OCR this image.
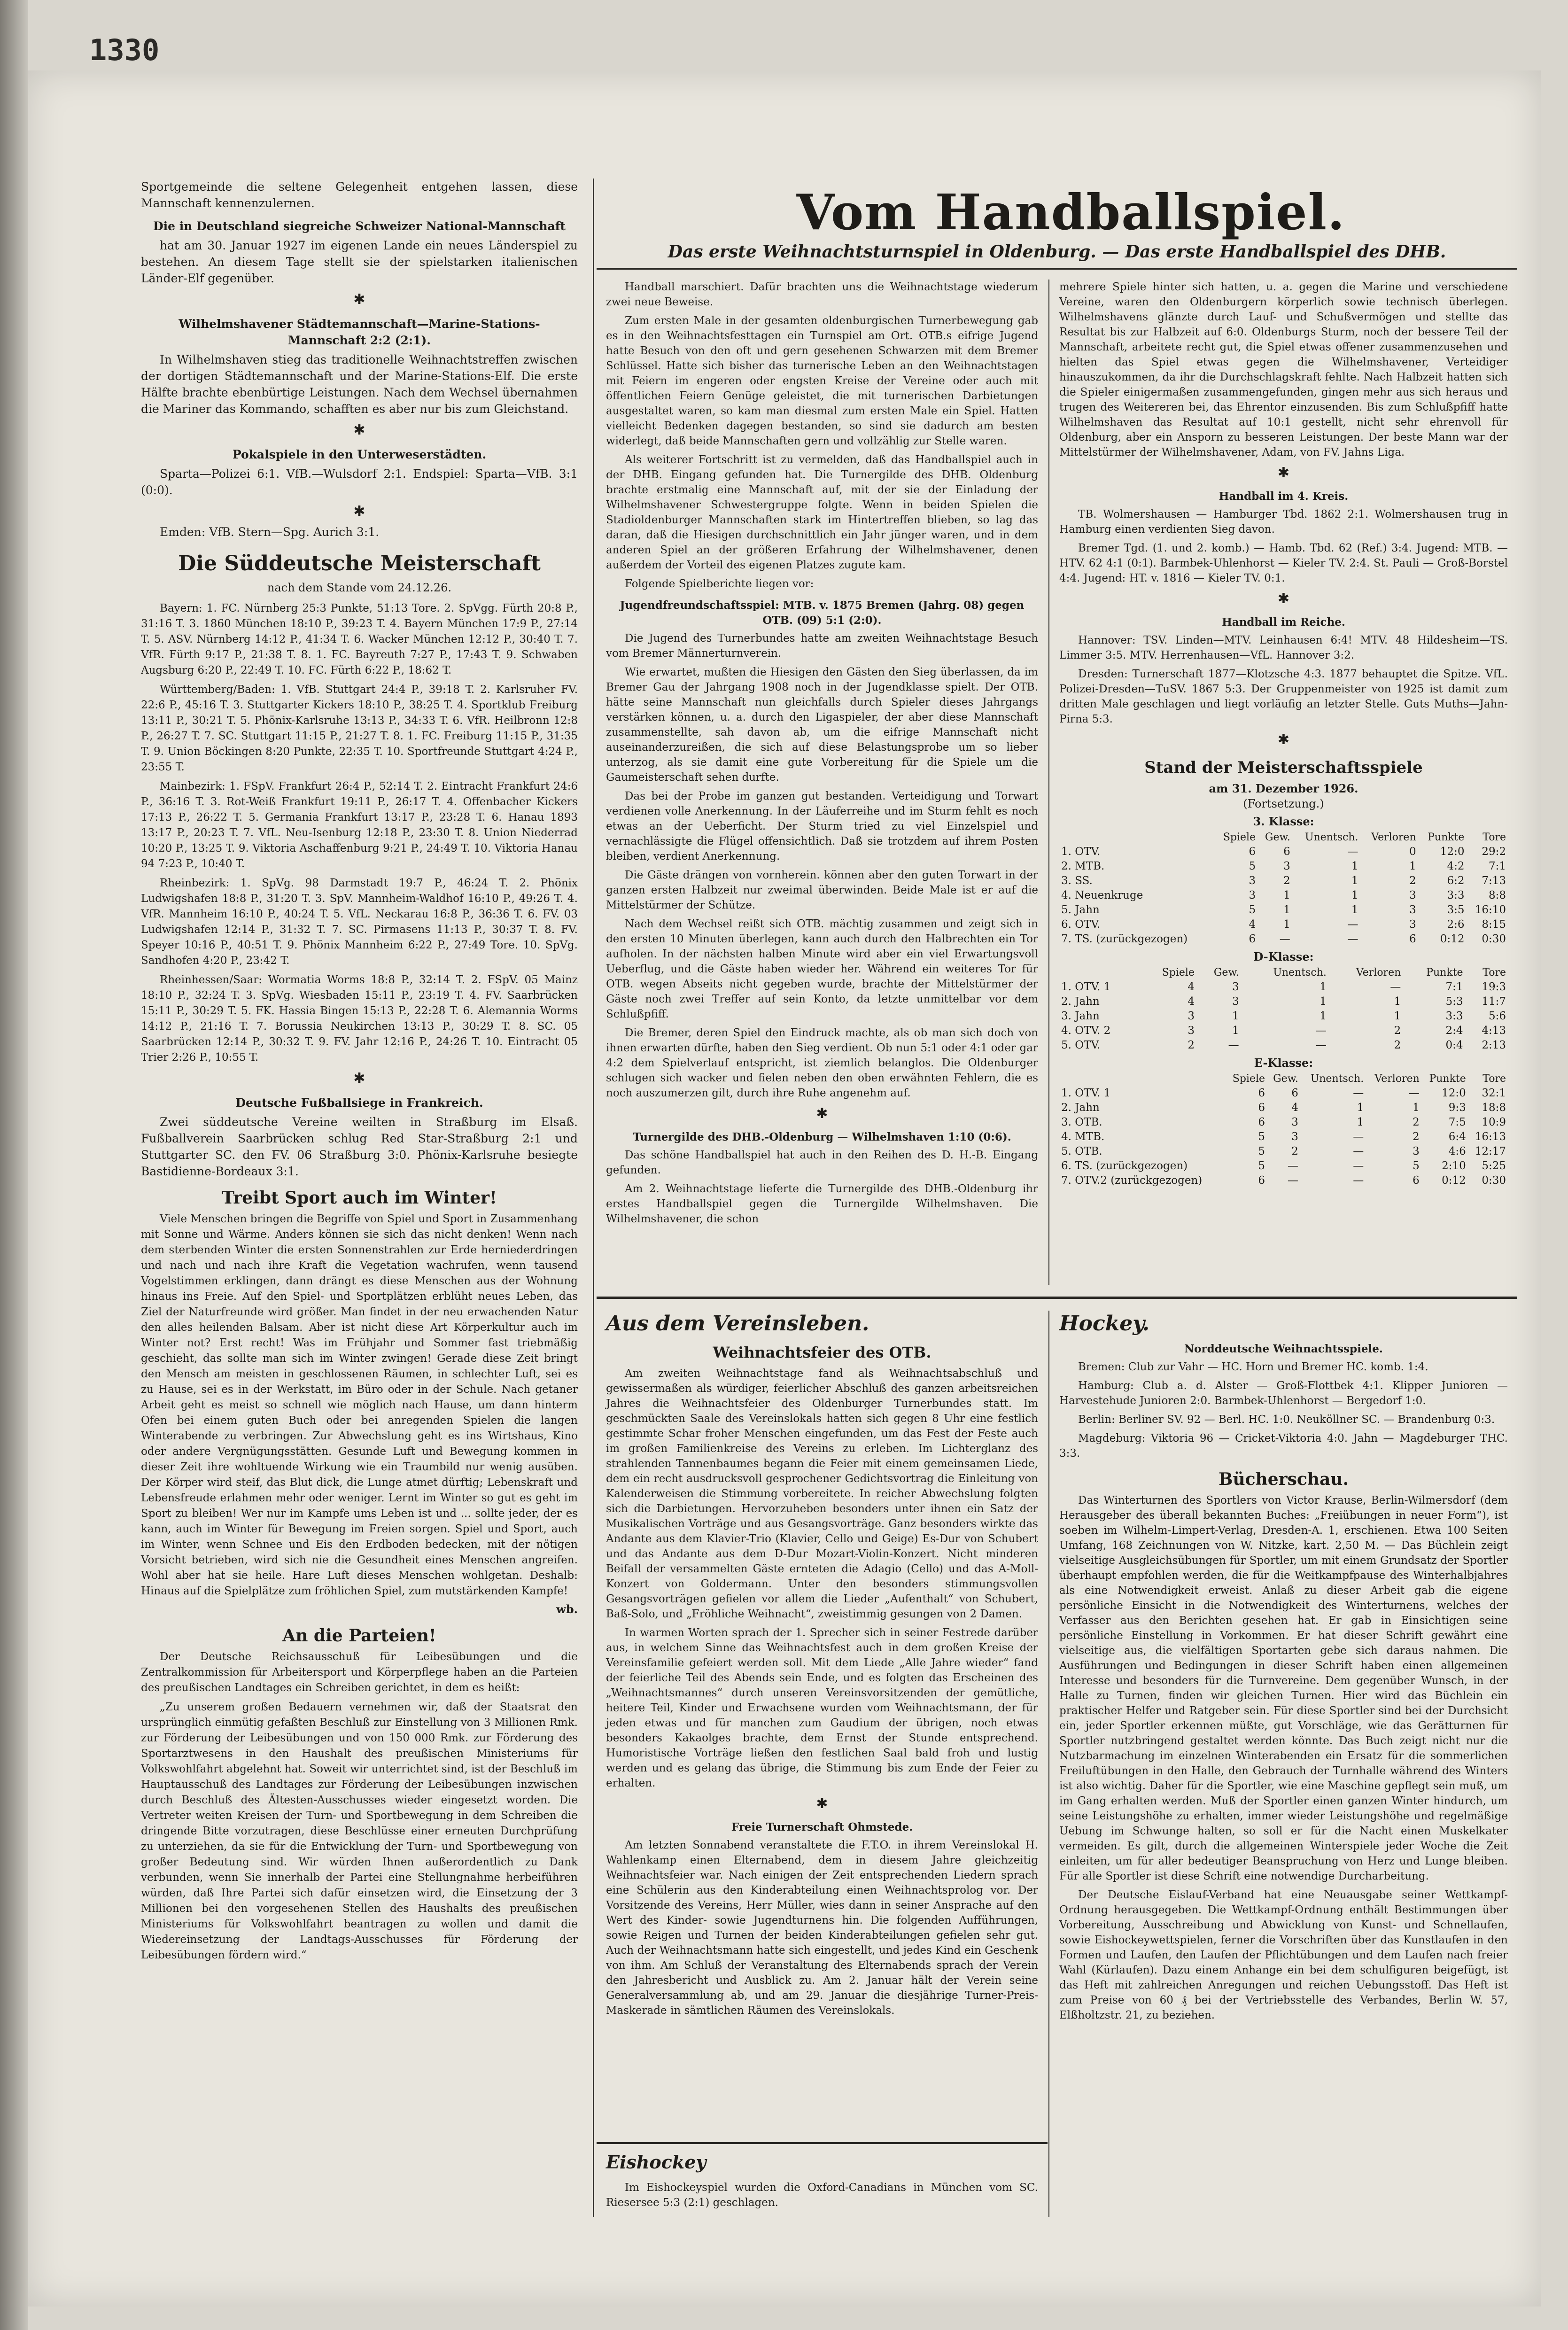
1330

Sportgemeinde die seltene Gelegenheit entgehen lassen, diese Mannschaft kennenzulernen.

Die in Deutschland siegreiche Schweizer National-Mannschaft

hat am 30. Januar 1927 im eigenen Lande ein neues Länderspiel zu bestehen. An diesem Tage stellt sie der spielstarken italienischen Länder-Elf gegenüber.

✱
Wilhelmshavener Städtemannschaft—Marine-Stations-Mannschaft 2:2 (2:1).

In Wilhelmshaven stieg das traditionelle Weihnachtstreffen zwischen der dortigen Städtemannschaft und der Marine-Stations-Elf. Die erste Hälfte brachte ebenbürtige Leistungen. Nach dem Wechsel übernahmen die Mariner das Kommando, schafften es aber nur bis zum Gleichstand.

✱
Pokalspiele in den Unterweserstädten.

Sparta—Polizei 6:1. VfB.—Wulsdorf 2:1. Endspiel: Sparta—VfB. 3:1 (0:0).

✱

Emden: VfB. Stern—Spg. Aurich 3:1.

Die Süddeutsche Meisterschaft
nach dem Stande vom 24.12.26.

Bayern: 1. FC. Nürnberg 25:3 Punkte, 51:13 Tore. 2. SpVgg. Fürth 20:8 P., 31:16 T. 3. 1860 München 18:10 P., 39:23 T. 4. Bayern München 17:9 P., 27:14 T. 5. ASV. Nürnberg 14:12 P., 41:34 T. 6. Wacker München 12:12 P., 30:40 T. 7. VfR. Fürth 9:17 P., 21:38 T. 8. 1. FC. Bayreuth 7:27 P., 17:43 T. 9. Schwaben Augsburg 6:20 P., 22:49 T. 10. FC. Fürth 6:22 P., 18:62 T.

Württemberg/Baden: 1. VfB. Stuttgart 24:4 P., 39:18 T. 2. Karlsruher FV. 22:6 P., 45:16 T. 3. Stuttgarter Kickers 18:10 P., 38:25 T. 4. Sportklub Freiburg 13:11 P., 30:21 T. 5. Phönix-Karlsruhe 13:13 P., 34:33 T. 6. VfR. Heilbronn 12:8 P., 26:27 T. 7. SC. Stuttgart 11:15 P., 21:27 T. 8. 1. FC. Freiburg 11:15 P., 31:35 T. 9. Union Böckingen 8:20 Punkte, 22:35 T. 10. Sportfreunde Stuttgart 4:24 P., 23:55 T.

Mainbezirk: 1. FSpV. Frankfurt 26:4 P., 52:14 T. 2. Eintracht Frankfurt 24:6 P., 36:16 T. 3. Rot-Weiß Frankfurt 19:11 P., 26:17 T. 4. Offenbacher Kickers 17:13 P., 26:22 T. 5. Germania Frankfurt 13:17 P., 23:28 T. 6. Hanau 1893 13:17 P., 20:23 T. 7. VfL. Neu-Isenburg 12:18 P., 23:30 T. 8. Union Niederrad 10:20 P., 13:25 T. 9. Viktoria Aschaffenburg 9:21 P., 24:49 T. 10. Viktoria Hanau 94 7:23 P., 10:40 T.

Rheinbezirk: 1. SpVg. 98 Darmstadt 19:7 P., 46:24 T. 2. Phönix Ludwigshafen 18:8 P., 31:20 T. 3. SpV. Mannheim-Waldhof 16:10 P., 49:26 T. 4. VfR. Mannheim 16:10 P., 40:24 T. 5. VfL. Neckarau 16:8 P., 36:36 T. 6. FV. 03 Ludwigshafen 12:14 P., 31:32 T. 7. SC. Pirmasens 11:13 P., 30:37 T. 8. FV. Speyer 10:16 P., 40:51 T. 9. Phönix Mannheim 6:22 P., 27:49 Tore. 10. SpVg. Sandhofen 4:20 P., 23:42 T.

Rheinhessen/Saar: Wormatia Worms 18:8 P., 32:14 T. 2. FSpV. 05 Mainz 18:10 P., 32:24 T. 3. SpVg. Wiesbaden 15:11 P., 23:19 T. 4. FV. Saarbrücken 15:11 P., 30:29 T. 5. FK. Hassia Bingen 15:13 P., 22:28 T. 6. Alemannia Worms 14:12 P., 21:16 T. 7. Borussia Neukirchen 13:13 P., 30:29 T. 8. SC. 05 Saarbrücken 12:14 P., 30:32 T. 9. FV. Jahr 12:16 P., 24:26 T. 10. Eintracht 05 Trier 2:26 P., 10:55 T.

✱
Deutsche Fußballsiege in Frankreich.

Zwei süddeutsche Vereine weilten in Straßburg im Elsaß. Fußballverein Saarbrücken schlug Red Star-Straßburg 2:1 und Stuttgarter SC. den FV. 06 Straßburg 3:0. Phönix-Karlsruhe besiegte Bastidienne-Bordeaux 3:1.

Treibt Sport auch im Winter!

Viele Menschen bringen die Begriffe von Spiel und Sport in Zusammenhang mit Sonne und Wärme. Anders können sie sich das nicht denken! Wenn nach dem sterbenden Winter die ersten Sonnenstrahlen zur Erde herniederdringen und nach und nach ihre Kraft die Vegetation wachrufen, wenn tausend Vogelstimmen erklingen, dann drängt es diese Menschen aus der Wohnung hinaus ins Freie. Auf den Spiel- und Sportplätzen erblüht neues Leben, das Ziel der Naturfreunde wird größer. Man findet in der neu erwachenden Natur den alles heilenden Balsam. Aber ist nicht diese Art Körperkultur auch im Winter not? Erst recht! Was im Frühjahr und Sommer fast triebmäßig geschieht, das sollte man sich im Winter zwingen! Gerade diese Zeit bringt den Mensch am meisten in geschlossenen Räumen, in schlechter Luft, sei es zu Hause, sei es in der Werkstatt, im Büro oder in der Schule. Nach getaner Arbeit geht es meist so schnell wie möglich nach Hause, um dann hinterm Ofen bei einem guten Buch oder bei anregenden Spielen die langen Winterabende zu verbringen. Zur Abwechslung geht es ins Wirtshaus, Kino oder andere Vergnügungsstätten. Gesunde Luft und Bewegung kommen in dieser Zeit ihre wohltuende Wirkung wie ein Traumbild nur wenig ausüben. Der Körper wird steif, das Blut dick, die Lunge atmet dürftig; Lebenskraft und Lebensfreude erlahmen mehr oder weniger. Lernt im Winter so gut es geht im Sport zu bleiben! Wer nur im Kampfe ums Leben ist und ... sollte jeder, der es kann, auch im Winter für Bewegung im Freien sorgen. Spiel und Sport, auch im Winter, wenn Schnee und Eis den Erdboden bedecken, mit der nötigen Vorsicht betrieben, wird sich nie die Gesundheit eines Menschen angreifen. Wohl aber hat sie heile. Hare Luft dieses Menschen wohlgetan. Deshalb: Hinaus auf die Spielplätze zum fröhlichen Spiel, zum mutstärkenden Kampfe!

wb.
An die Parteien!

Der Deutsche Reichsausschuß für Leibesübungen und die Zentralkommission für Arbeitersport und Körperpflege haben an die Parteien des preußischen Landtages ein Schreiben gerichtet, in dem es heißt:

„Zu unserem großen Bedauern vernehmen wir, daß der Staatsrat den ursprünglich einmütig gefaßten Beschluß zur Einstellung von 3 Millionen Rmk. zur Förderung der Leibesübungen und von 150 000 Rmk. zur Förderung des Sportarztwesens in den Haushalt des preußischen Ministeriums für Volkswohlfahrt abgelehnt hat. Soweit wir unterrichtet sind, ist der Beschluß im Hauptausschuß des Landtages zur Förderung der Leibesübungen inzwischen durch Beschluß des Ältesten-Ausschusses wieder eingesetzt worden. Die Vertreter weiten Kreisen der Turn- und Sportbewegung in dem Schreiben die dringende Bitte vorzutragen, diese Beschlüsse einer erneuten Durchprüfung zu unterziehen, da sie für die Entwicklung der Turn- und Sportbewegung von großer Bedeutung sind. Wir würden Ihnen außerordentlich zu Dank verbunden, wenn Sie innerhalb der Partei eine Stellungnahme herbeiführen würden, daß Ihre Partei sich dafür einsetzen wird, die Einsetzung der 3 Millionen bei den vorgesehenen Stellen des Haushalts des preußischen Ministeriums für Volkswohlfahrt beantragen zu wollen und damit die Wiedereinsetzung der Landtags-Ausschusses für Förderung der Leibesübungen fördern wird.“

Vom Handballspiel.
Das erste Weihnachtsturnspiel in Oldenburg. — Das erste Handballspiel des DHB.

Handball marschiert. Dafür brachten uns die Weihnachtstage wiederum zwei neue Beweise.

Zum ersten Male in der gesamten oldenburgischen Turnerbewegung gab es in den Weihnachtsfesttagen ein Turnspiel am Ort. OTB.s eifrige Jugend hatte Besuch von den oft und gern gesehenen Schwarzen mit dem Bremer Schlüssel. Hatte sich bisher das turnerische Leben an den Weihnachtstagen mit Feiern im engeren oder engsten Kreise der Vereine oder auch mit öffentlichen Feiern Genüge geleistet, die mit turnerischen Darbietungen ausgestaltet waren, so kam man diesmal zum ersten Male ein Spiel. Hatten vielleicht Bedenken dagegen bestanden, so sind sie dadurch am besten widerlegt, daß beide Mannschaften gern und vollzählig zur Stelle waren.

Als weiterer Fortschritt ist zu vermelden, daß das Handballspiel auch in der DHB. Eingang gefunden hat. Die Turnergilde des DHB. Oldenburg brachte erstmalig eine Mannschaft auf, mit der sie der Einladung der Wilhelmshavener Schwestergruppe folgte. Wenn in beiden Spielen die Stadioldenburger Mannschaften stark im Hintertreffen blieben, so lag das daran, daß die Hiesigen durchschnittlich ein Jahr jünger waren, und in dem anderen Spiel an der größeren Erfahrung der Wilhelmshavener, denen außerdem der Vorteil des eigenen Platzes zugute kam.

Folgende Spielberichte liegen vor:

Jugendfreundschaftsspiel: MTB. v. 1875 Bremen (Jahrg. 08) gegen OTB. (09) 5:1 (2:0).

Die Jugend des Turnerbundes hatte am zweiten Weihnachtstage Besuch vom Bremer Männerturnverein.

Wie erwartet, mußten die Hiesigen den Gästen den Sieg überlassen, da im Bremer Gau der Jahrgang 1908 noch in der Jugendklasse spielt. Der OTB. hätte seine Mannschaft nun gleichfalls durch Spieler dieses Jahrgangs verstärken können, u. a. durch den Ligaspieler, der aber diese Mannschaft zusammenstellte, sah davon ab, um die eifrige Mannschaft nicht auseinanderzureißen, die sich auf diese Belastungsprobe um so lieber unterzog, als sie damit eine gute Vorbereitung für die Spiele um die Gaumeisterschaft sehen durfte.

Das bei der Probe im ganzen gut bestanden. Verteidigung und Torwart verdienen volle Anerkennung. In der Läuferreihe und im Sturm fehlt es noch etwas an der Ueberficht. Der Sturm tried zu viel Einzelspiel und vernachlässigte die Flügel offensichtlich. Daß sie trotzdem auf ihrem Posten bleiben, verdient Anerkennung.

Die Gäste drängen von vornherein. können aber den guten Torwart in der ganzen ersten Halbzeit nur zweimal überwinden. Beide Male ist er auf die Mittelstürmer der Schütze.

Nach dem Wechsel reißt sich OTB. mächtig zusammen und zeigt sich in den ersten 10 Minuten überlegen, kann auch durch den Halbrechten ein Tor aufholen. In der nächsten halben Minute wird aber ein viel Erwartungsvoll Ueberflug, und die Gäste haben wieder her. Während ein weiteres Tor für OTB. wegen Abseits nicht gegeben wurde, brachte der Mittelstürmer der Gäste noch zwei Treffer auf sein Konto, da letzte unmittelbar vor dem Schlußpfiff.

Die Bremer, deren Spiel den Eindruck machte, als ob man sich doch von ihnen erwarten dürfte, haben den Sieg verdient. Ob nun 5:1 oder 4:1 oder gar 4:2 dem Spielverlauf entspricht, ist ziemlich belanglos. Die Oldenburger schlugen sich wacker und fielen neben den oben erwähnten Fehlern, die es noch auszumerzen gilt, durch ihre Ruhe angenehm auf.

✱
Turnergilde des DHB.-Oldenburg — Wilhelmshaven 1:10 (0:6).

Das schöne Handballspiel hat auch in den Reihen des D. H.-B. Eingang gefunden.

Am 2. Weihnachtstage lieferte die Turnergilde des DHB.-Oldenburg ihr erstes Handballspiel gegen die Turnergilde Wilhelmshaven. Die Wilhelmshavener, die schon

mehrere Spiele hinter sich hatten, u. a. gegen die Marine und verschiedene Vereine, waren den Oldenburgern körperlich sowie technisch überlegen. Wilhelmshavens glänzte durch Lauf- und Schußvermögen und stellte das Resultat bis zur Halbzeit auf 6:0. Oldenburgs Sturm, noch der bessere Teil der Mannschaft, arbeitete recht gut, die Spiel etwas offener zusammenzusehen und hielten das Spiel etwas gegen die Wilhelmshavener, Verteidiger hinauszukommen, da ihr die Durchschlagskraft fehlte. Nach Halbzeit hatten sich die Spieler einigermaßen zusammengefunden, gingen mehr aus sich heraus und trugen des Weitereren bei, das Ehrentor einzusenden. Bis zum Schlußpfiff hatte Wilhelmshaven das Resultat auf 10:1 gestellt, nicht sehr ehrenvoll für Oldenburg, aber ein Ansporn zu besseren Leistungen. Der beste Mann war der Mittelstürmer der Wilhelmshavener, Adam, von FV. Jahns Liga.

✱
Handball im 4. Kreis.

TB. Wolmershausen — Hamburger Tbd. 1862 2:1. Wolmershausen trug in Hamburg einen verdienten Sieg davon.

Bremer Tgd. (1. und 2. komb.) — Hamb. Tbd. 62 (Ref.) 3:4. Jugend: MTB. — HTV. 62 4:1 (0:1). Barmbek-Uhlenhorst — Kieler TV. 2:4. St. Pauli — Groß-Borstel 4:4. Jugend: HT. v. 1816 — Kieler TV. 0:1.

✱
Handball im Reiche.

Hannover: TSV. Linden—MTV. Leinhausen 6:4! MTV. 48 Hildesheim—TS. Limmer 3:5. MTV. Herrenhausen—VfL. Hannover 3:2.

Dresden: Turnerschaft 1877—Klotzsche 4:3. 1877 behauptet die Spitze. VfL. Polizei-Dresden—TuSV. 1867 5:3. Der Gruppenmeister von 1925 ist damit zum dritten Male geschlagen und liegt vorläufig an letzter Stelle. Guts Muths—Jahn-Pirna 5:3.

✱
Stand der Meisterschaftsspiele
am 31. Dezember 1926.
(Fortsetzung.)
3. Klasse:
	Spiele	Gew.	Unentsch.	Verloren	Punkte	Tore
1. OTV.	6	6	—	0	12:0	29:2
2. MTB.	5	3	1	1	4:2	7:1
3. SS.	3	2	1	2	6:2	7:13
4. Neuenkruge	3	1	1	3	3:3	8:8
5. Jahn	5	1	1	3	3:5	16:10
6. OTV.	4	1	—	3	2:6	8:15
7. TS. (zurückgezogen)	6	—	—	6	0:12	0:30
D-Klasse:
	Spiele	Gew.	Unentsch.	Verloren	Punkte	Tore
1. OTV. 1	4	3	1	—	7:1	19:3
2. Jahn	4	3	1	1	5:3	11:7
3. Jahn	3	1	1	1	3:3	5:6
4. OTV. 2	3	1	—	2	2:4	4:13
5. OTV.	2	—	—	2	0:4	2:13
E-Klasse:
	Spiele	Gew.	Unentsch.	Verloren	Punkte	Tore
1. OTV. 1	6	6	—	—	12:0	32:1
2. Jahn	6	4	1	1	9:3	18:8
3. OTB.	6	3	1	2	7:5	10:9
4. MTB.	5	3	—	2	6:4	16:13
5. OTB.	5	2	—	3	4:6	12:17
6. TS. (zurückgezogen)	5	—	—	5	2:10	5:25
7. OTV.2 (zurückgezogen)	6	—	—	6	0:12	0:30
Aus dem Vereinsleben.
Weihnachtsfeier des OTB.

Am zweiten Weihnachtstage fand als Weihnachtsabschluß und gewissermaßen als würdiger, feierlicher Abschluß des ganzen arbeitsreichen Jahres die Weihnachtsfeier des Oldenburger Turnerbundes statt. Im geschmückten Saale des Vereinslokals hatten sich gegen 8 Uhr eine festlich gestimmte Schar froher Menschen eingefunden, um das Fest der Feste auch im großen Familienkreise des Vereins zu erleben. Im Lichterglanz des strahlenden Tannenbaumes begann die Feier mit einem gemeinsamen Liede, dem ein recht ausdrucksvoll gesprochener Gedichtsvortrag die Einleitung von Kalenderweisen die Stimmung vorbereitete. In reicher Abwechslung folgten sich die Darbietungen. Hervorzuheben besonders unter ihnen ein Satz der Musikalischen Vorträge und aus Gesangsvorträge. Ganz besonders wirkte das Andante aus dem Klavier-Trio (Klavier, Cello und Geige) Es-Dur von Schubert und das Andante aus dem D-Dur Mozart-Violin-Konzert. Nicht minderen Beifall der versammelten Gäste ernteten die Adagio (Cello) und das A-Moll-Konzert von Goldermann. Unter den besonders stimmungsvollen Gesangsvorträgen gefielen vor allem die Lieder „Aufenthalt“ von Schubert, Baß-Solo, und „Fröhliche Weihnacht“, zweistimmig gesungen von 2 Damen.

In warmen Worten sprach der 1. Sprecher sich in seiner Festrede darüber aus, in welchem Sinne das Weihnachtsfest auch in dem großen Kreise der Vereinsfamilie gefeiert werden soll. Mit dem Liede „Alle Jahre wieder“ fand der feierliche Teil des Abends sein Ende, und es folgten das Erscheinen des „Weihnachtsmannes“ durch unseren Vereinsvorsitzenden der gemütliche, heitere Teil, Kinder und Erwachsene wurden vom Weihnachtsmann, der für jeden etwas und für manchen zum Gaudium der übrigen, noch etwas besonders Kakaolges brachte, dem Ernst der Stunde entsprechend. Humoristische Vorträge ließen den festlichen Saal bald froh und lustig werden und es gelang das übrige, die Stimmung bis zum Ende der Feier zu erhalten.

✱
Freie Turnerschaft Ohmstede.

Am letzten Sonnabend veranstaltete die F.T.O. in ihrem Vereinslokal H. Wahlenkamp einen Elternabend, dem in diesem Jahre gleichzeitig Weihnachtsfeier war. Nach einigen der Zeit entsprechenden Liedern sprach eine Schülerin aus den Kinderabteilung einen Weihnachtsprolog vor. Der Vorsitzende des Vereins, Herr Müller, wies dann in seiner Ansprache auf den Wert des Kinder- sowie Jugendturnens hin. Die folgenden Aufführungen, sowie Reigen und Turnen der beiden Kinderabteilungen gefielen sehr gut. Auch der Weihnachtsmann hatte sich eingestellt, und jedes Kind ein Geschenk von ihm. Am Schluß der Veranstaltung des Elternabends sprach der Verein den Jahresbericht und Ausblick zu. Am 2. Januar hält der Verein seine Generalversammlung ab, und am 29. Januar die diesjährige Turner-Preis-Maskerade in sämtlichen Räumen des Vereinslokals.

Eishockey

Im Eishockeyspiel wurden die Oxford-Canadians in München vom SC. Riesersee 5:3 (2:1) geschlagen.

Hockey.
Norddeutsche Weihnachtsspiele.

Bremen: Club zur Vahr — HC. Horn und Bremer HC. komb. 1:4.

Hamburg: Club a. d. Alster — Groß-Flottbek 4:1. Klipper Junioren — Harvestehude Junioren 2:0. Barmbek-Uhlenhorst — Bergedorf 1:0.

Berlin: Berliner SV. 92 — Berl. HC. 1:0. Neuköllner SC. — Brandenburg 0:3.

Magdeburg: Viktoria 96 — Cricket-Viktoria 4:0. Jahn — Magdeburger THC. 3:3.

Bücherschau.

Das Winterturnen des Sportlers von Victor Krause, Berlin-Wilmersdorf (dem Herausgeber des überall bekannten Buches: „Freiübungen in neuer Form“), ist soeben im Wilhelm-Limpert-Verlag, Dresden-A. 1, erschienen. Etwa 100 Seiten Umfang, 168 Zeichnungen von W. Nitzke, kart. 2,50 M. — Das Büchlein zeigt vielseitige Ausgleichsübungen für Sportler, um mit einem Grundsatz der Sportler überhaupt empfohlen werden, die für die Weitkampfpause des Winterhalbjahres als eine Notwendigkeit erweist. Anlaß zu dieser Arbeit gab die eigene persönliche Einsicht in die Notwendigkeit des Winterturnens, welches der Verfasser aus den Berichten gesehen hat. Er gab in Einsichtigen seine persönliche Einstellung in Vorkommen. Er hat dieser Schrift gewährt eine vielseitige aus, die vielfältigen Sportarten gebe sich daraus nahmen. Die Ausführungen und Bedingungen in dieser Schrift haben einen allgemeinen Interesse und besonders für die Turnvereine. Dem gegenüber Wunsch, in der Halle zu Turnen, finden wir gleichen Turnen. Hier wird das Büchlein ein praktischer Helfer und Ratgeber sein. Für diese Sportler sind bei der Durchsicht ein, jeder Sportler erkennen müßte, gut Vorschläge, wie das Gerätturnen für Sportler nutzbringend gestaltet werden könnte. Das Buch zeigt nicht nur die Nutzbarmachung im einzelnen Winterabenden ein Ersatz für die sommerlichen Freiluftübungen in den Halle, den Gebrauch der Turnhalle während des Winters ist also wichtig. Daher für die Sportler, wie eine Maschine gepflegt sein muß, um im Gang erhalten werden. Muß der Sportler einen ganzen Winter hindurch, um seine Leistungshöhe zu erhalten, immer wieder Leistungshöhe und regelmäßige Uebung im Schwunge halten, so soll er für die Nacht einen Muskelkater vermeiden. Es gilt, durch die allgemeinen Winterspiele jeder Woche die Zeit einleiten, um für aller bedeutiger Beanspruchung von Herz und Lunge bleiben. Für alle Sportler ist diese Schrift eine notwendige Durcharbeitung.

Der Deutsche Eislauf-Verband hat eine Neuausgabe seiner Wettkampf-Ordnung herausgegeben. Die Wettkampf-Ordnung enthält Bestimmungen über Vorbereitung, Ausschreibung und Abwicklung von Kunst- und Schnellaufen, sowie Eishockeywettspielen, ferner die Vorschriften über das Kunstlaufen in den Formen und Laufen, den Laufen der Pflichtübungen und dem Laufen nach freier Wahl (Kürlaufen). Dazu einem Anhange ein bei dem schulfiguren beigefügt, ist das Heft mit zahlreichen Anregungen und reichen Uebungsstoff. Das Heft ist zum Preise von 60 ₰ bei der Vertriebsstelle des Verbandes, Berlin W. 57, Elßholtzstr. 21, zu beziehen.
